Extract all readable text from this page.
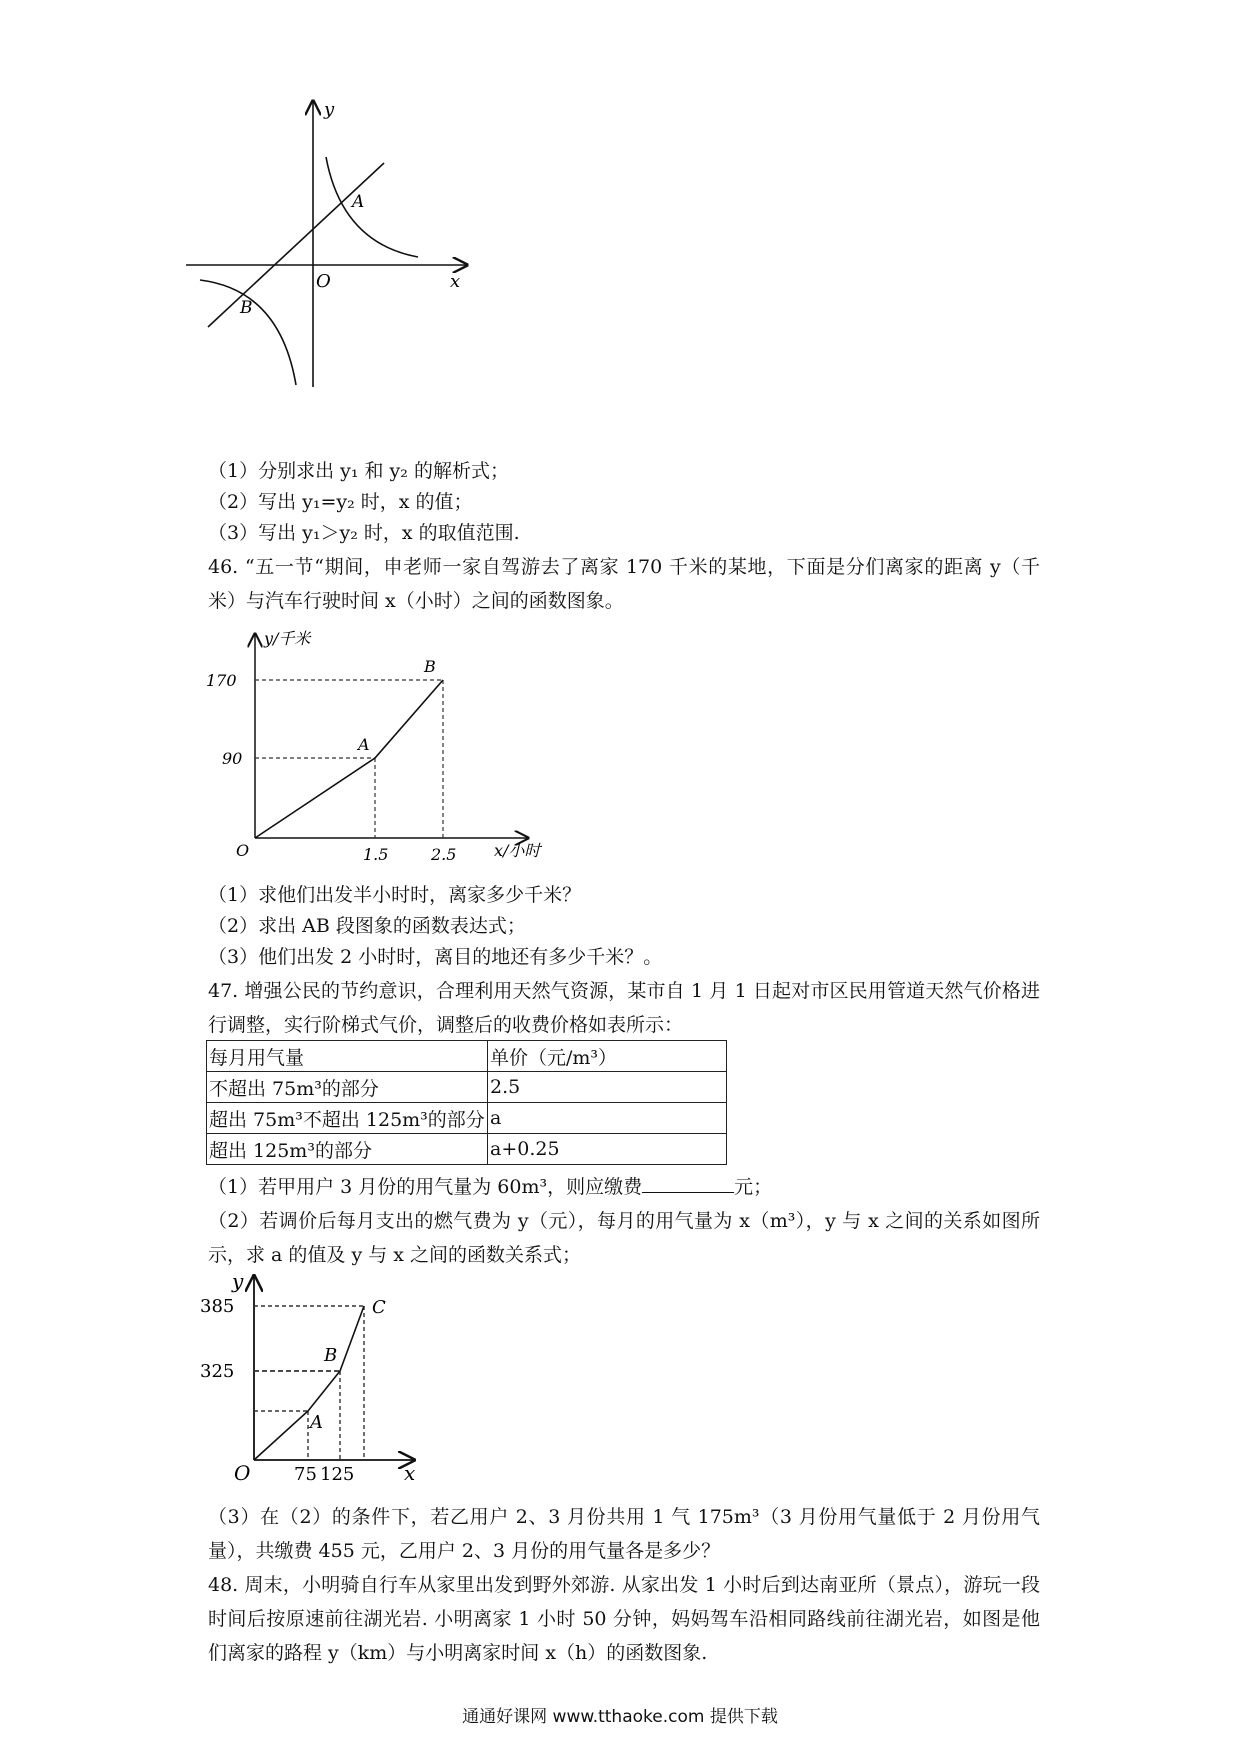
y
x
O
A
B
（1）分别求出 y₁ 和 y₂ 的解析式；
（2）写出 y₁=y₂ 时，x 的值；
（3）写出 y₁＞y₂ 时，x 的取值范围.
46. “五一节“期间，申老师一家自驾游去了离家 170 千米的某地，下面是分们离家的距离 y（千米）与汽车行驶时间 x（小时）之间的函数图象。
y/千米
x/小时
O
A
B
170
90
1.5	2.5
（1）求他们出发半小时时，离家多少千米？
（2）求出 AB 段图象的函数表达式；
（3）他们出发 2 小时时，离目的地还有多少千米？。
47. 增强公民的节约意识，合理利用天然气资源，某市自 1 月 1 日起对市区民用管道天然气价格进行调整，实行阶梯式气价，调整后的收费价格如表所示：
每月用气量	单价（元/m³）
不超出 75m³的部分	2.5
超出 75m³不超出 125m³的部分	a
超出 125m³的部分	a+0.25
（1）若甲用户 3 月份的用气量为 60m³，则应缴费	元；
（2）若调价后每月支出的燃气费为 y（元），每月的用气量为 x（m³），y 与 x 之间的关系如图所示，求 a 的值及 y 与 x 之间的函数关系式；
y
x
O
A
B
C
385
325
75 125
（3）在（2）的条件下，若乙用户 2、3 月份共用 1 气 175m³（3 月份用气量低于 2 月份用气量），共缴费 455 元，乙用户 2、3 月份的用气量各是多少？
48. 周末，小明骑自行车从家里出发到野外郊游. 从家出发 1 小时后到达南亚所（景点），游玩一段时间后按原速前往湖光岩. 小明离家 1 小时 50 分钟，妈妈驾车沿相同路线前往湖光岩，如图是他们离家的路程 y（km）与小明离家时间 x（h）的函数图象.
通通好课网 www.tthaoke.com 提供下载
